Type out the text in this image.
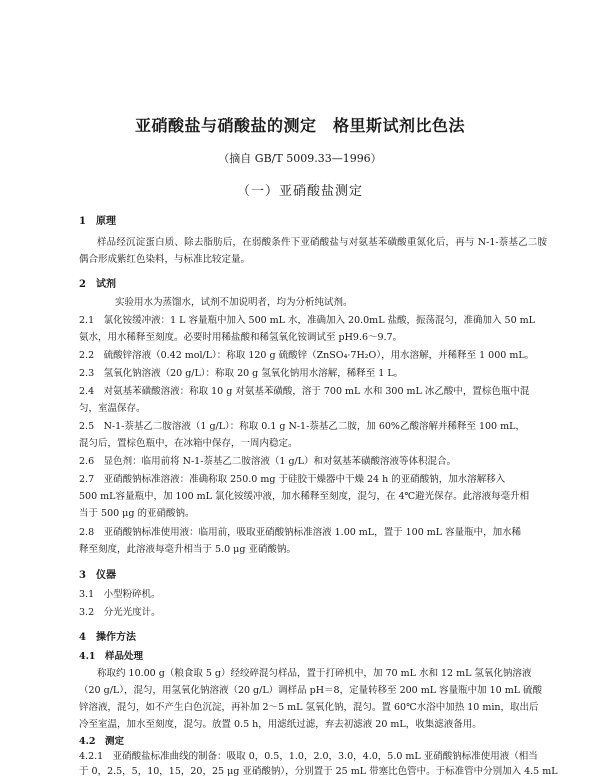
亚硝酸盐与硝酸盐的测定　格里斯试剂比色法
（摘自 GB/T 5009.33—1996）
（一）亚硝酸盐测定
1　原理
样品经沉淀蛋白质、除去脂肪后，在弱酸条件下亚硝酸盐与对氨基苯磺酸重氮化后，再与 N-1-萘基乙二胺偶合形成紫红色染料，与标准比较定量。
2　试剂
实验用水为蒸馏水，试剂不加说明者，均为分析纯试剂。
2.1　氯化铵缓冲液：1 L 容量瓶中加入 500 mL 水，准确加入 20.0mL 盐酸，振荡混匀，准确加入 50 mL
氨水，用水稀释至刻度。必要时用稀盐酸和稀氢氧化铵调试至 pH9.6～9.7。
2.2　硫酸锌溶液（0.42 mol/L）：称取 120 g 硫酸锌（ZnSO₄·7H₂O），用水溶解，并稀释至 1 000 mL。
2.3　氢氧化钠溶液（20 g/L）：称取 20 g 氢氧化钠用水溶解，稀释至 1 L。
2.4　对氨基苯磺酸溶液：称取 10 g 对氨基苯磺酸，溶于 700 mL 水和 300 mL 冰乙酸中，置棕色瓶中混
匀，室温保存。
2.5　N-1-萘基乙二胺溶液（1 g/L）：称取 0.1 g N-1-萘基乙二胺，加 60%乙酸溶解并稀释至 100 mL，
混匀后，置棕色瓶中，在冰箱中保存，一周内稳定。
2.6　显色剂：临用前将 N-1-萘基乙二胺溶液（1 g/L）和对氨基苯磺酸溶液等体积混合。
2.7　亚硝酸钠标准溶液：准确称取 250.0 mg 于硅胶干燥器中干燥 24 h 的亚硝酸钠，加水溶解移入
500 mL容量瓶中，加 100 mL 氯化铵缓冲液，加水稀释至刻度，混匀，在 4℃避光保存。此溶液每毫升相
当于 500 μg 的亚硝酸钠。
2.8　亚硝酸钠标准使用液：临用前，吸取亚硝酸钠标准溶液 1.00 mL，置于 100 mL 容量瓶中，加水稀
释至刻度，此溶液每毫升相当于 5.0 μg 亚硝酸钠。
3　仪器
3.1　小型粉碎机。
3.2　分光光度计。
4　操作方法
4.1　样品处理
称取约 10.00 g（粮食取 5 g）经绞碎混匀样品，置于打碎机中，加 70 mL 水和 12 mL 氢氧化钠溶液
（20 g/L），混匀，用氢氧化钠溶液（20 g/L）调样品 pH＝8，定量转移至 200 mL 容量瓶中加 10 mL 硫酸
锌溶液，混匀，如不产生白色沉淀，再补加 2～5 mL 氢氧化钠，混匀。置 60℃水浴中加热 10 min，取出后
冷至室温，加水至刻度，混匀。放置 0.5 h，用滤纸过滤，弃去初滤液 20 mL，收集滤液备用。
4.2　测定
4.2.1　亚硝酸盐标准曲线的制备：吸取 0，0.5，1.0，2.0，3.0，4.0，5.0 mL 亚硝酸钠标准使用液（相当
于 0，2.5，5，10，15，20，25 μg 亚硝酸钠），分别置于 25 mL 带塞比色管中。于标准管中分别加入 4.5 mL
